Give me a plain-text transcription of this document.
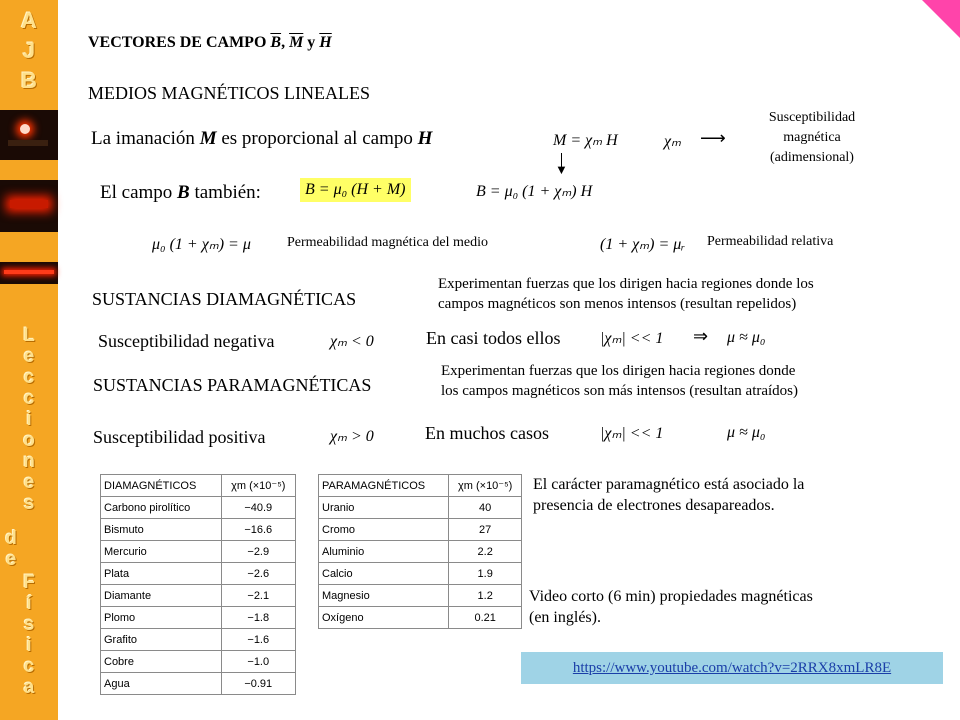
A
J
B
L
e
c
c
i
o
n
e
s
d
e
F
í
s
i
c
a
VECTORES DE CAMPO $\overline{B}$, $\overline{M}$ y $\overline{H}$
MEDIOS MAGNÉTICOS LINEALES
La imanación M es proporcional al campo H	M = χₘ H
▼
χₘ ⟶
Susceptibilidad
magnética
(adimensional)
El campo B también:	B = μ₀ (H + M)	B = μ₀ (1 + χₘ) H
μ₀ (1 + χₘ) = μ	Permeabilidad magnética del medio	(1 + χₘ) = μᵣ Permeabilidad relativa
SUSTANCIAS DIAMAGNÉTICAS
Experimentan fuerzas que los dirigen hacia regiones donde los
campos magnéticos son menos intensos (resultan repelidos)
Susceptibilidad negativa	χₘ < 0	En casi todos ellos |χₘ| << 1 ⇒ μ ≈ μ₀
SUSTANCIAS PARAMAGNÉTICAS
Experimentan fuerzas que los dirigen hacia regiones donde
los campos magnéticos son más intensos (resultan atraídos)
Susceptibilidad positiva	χₘ > 0	En muchos casos	|χₘ| << 1	μ ≈ μ₀
DIAMAGNÉTICOS	χm (×10⁻⁵)
Carbono pirolítico	−40.9
Bismuto	−16.6
Mercurio	−2.9
Plata	−2.6
Diamante	−2.1
Plomo	−1.8
Grafito	−1.6
Cobre	−1.0
Agua	−0.91
PARAMAGNÉTICOS	χm (×10⁻⁵)
Uranio	40
Cromo	27
Aluminio	2.2
Calcio	1.9
Magnesio	1.2
Oxígeno	0.21
El carácter paramagnético está asociado la
presencia de electrones desapareados.
Video corto (6 min) propiedades magnéticas
(en inglés).
https://www.youtube.com/watch?v=2RRX8xmLR8E
